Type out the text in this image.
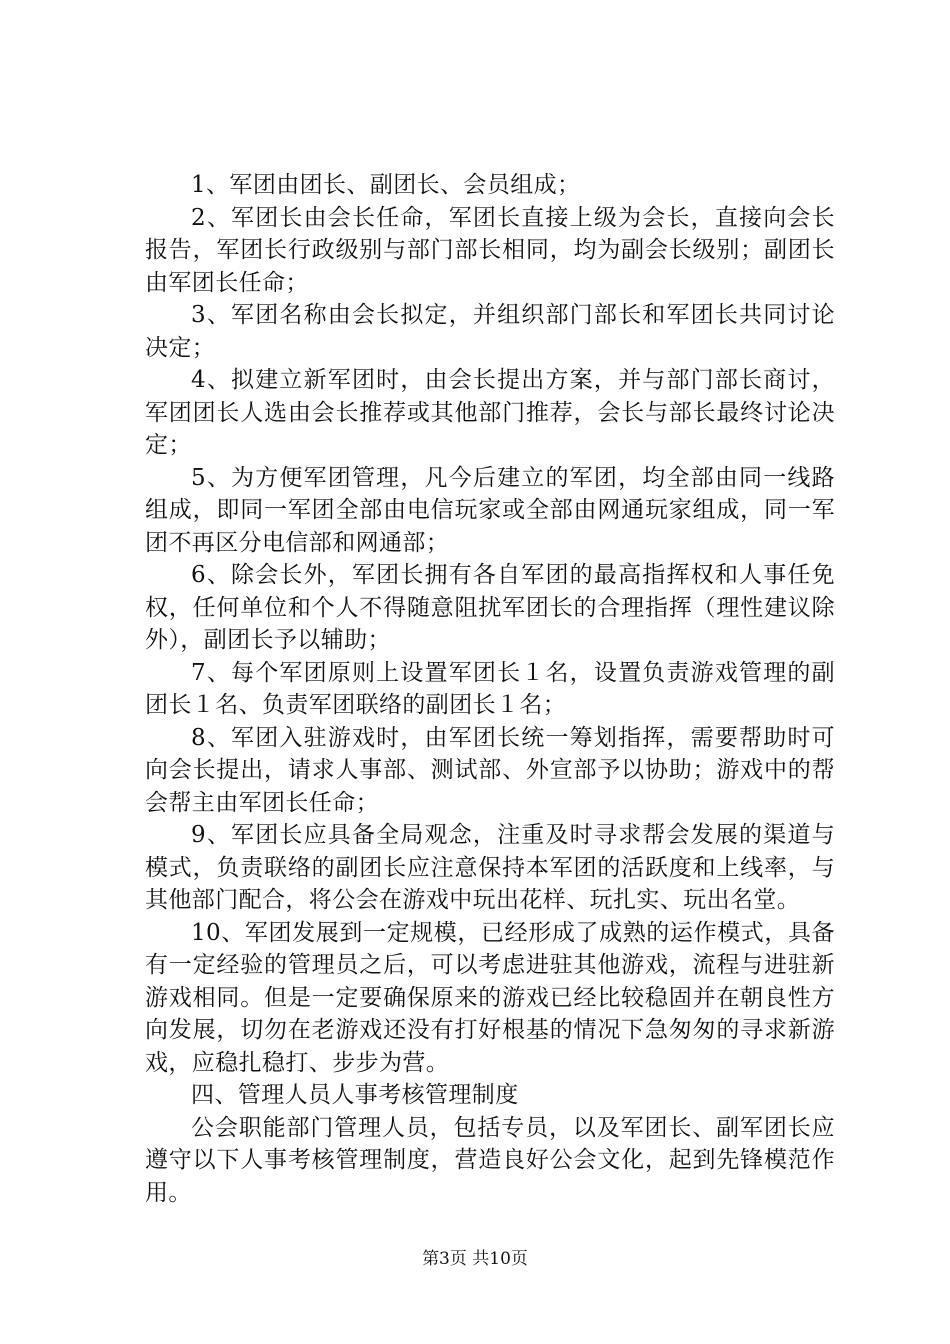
1、军团由团长、副团长、会员组成；

2、军团长由会长任命，军团长直接上级为会长，直接向会长报告，军团长行政级别与部门部长相同，均为副会长级别；副团长由军团长任命；

3、军团名称由会长拟定，并组织部门部长和军团长共同讨论决定；

4、拟建立新军团时，由会长提出方案，并与部门部长商讨，军团团长人选由会长推荐或其他部门推荐，会长与部长最终讨论决定；

5、为方便军团管理，凡今后建立的军团，均全部由同一线路组成，即同一军团全部由电信玩家或全部由网通玩家组成，同一军团不再区分电信部和网通部；

6、除会长外，军团长拥有各自军团的最高指挥权和人事任免权，任何单位和个人不得随意阻扰军团长的合理指挥（理性建议除外），副团长予以辅助；

7、每个军团原则上设置军团长１名，设置负责游戏管理的副团长１名、负责军团联络的副团长１名；

8、军团入驻游戏时，由军团长统一筹划指挥，需要帮助时可向会长提出，请求人事部、测试部、外宣部予以协助；游戏中的帮会帮主由军团长任命；

9、军团长应具备全局观念，注重及时寻求帮会发展的渠道与模式，负责联络的副团长应注意保持本军团的活跃度和上线率，与其他部门配合，将公会在游戏中玩出花样、玩扎实、玩出名堂。

10、军团发展到一定规模，已经形成了成熟的运作模式，具备有一定经验的管理员之后，可以考虑进驻其他游戏，流程与进驻新游戏相同。但是一定要确保原来的游戏已经比较稳固并在朝良性方向发展，切勿在老游戏还没有打好根基的情况下急匆匆的寻求新游戏，应稳扎稳打、步步为营。

四、管理人员人事考核管理制度

公会职能部门管理人员，包括专员，以及军团长、副军团长应遵守以下人事考核管理制度，营造良好公会文化，起到先锋模范作用。

第3页 共10页
